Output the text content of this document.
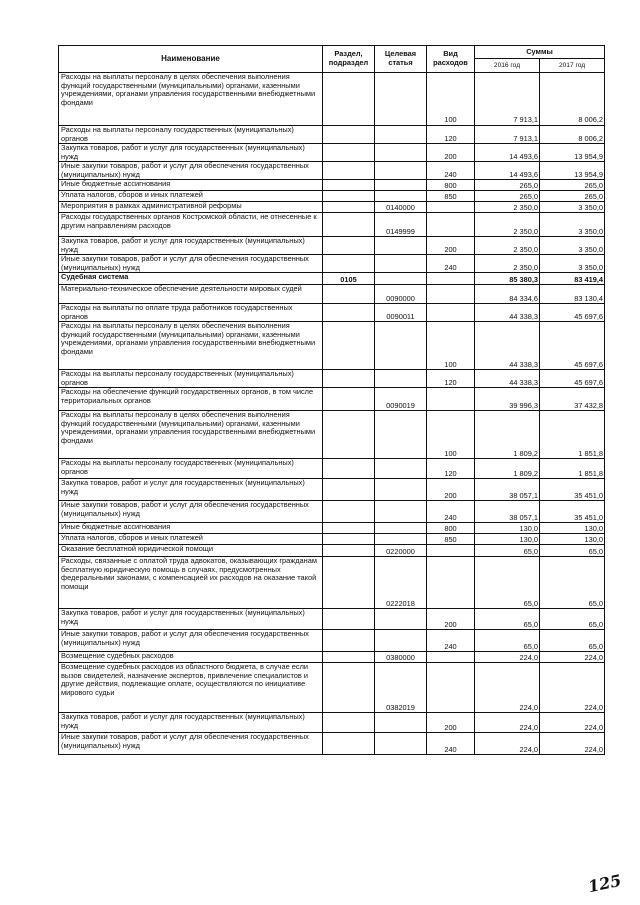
Наименование	Раздел, подраздел	Целевая статья	Вид расходов	Суммы	
				2016 год	2017 год
Расходы на выплаты персоналу в целях обеспечения выполнения функций государственными (муниципальными) органами, казенными учреждениями, органами управления государственными внебюджетными фондами			100	7 913,1	8 006,2
Расходы на выплаты персоналу государственных (муниципальных) органов			120	7 913,1	8 006,2
Закупка товаров, работ и услуг для государственных (муниципальных) нужд			200	14 493,6	13 954,9
Иные закупки товаров, работ и услуг для обеспечения государственных (муниципальных) нужд			240	14 493,6	13 954,9
Иные бюджетные ассигнования			800	265,0	265,0
Уплата налогов, сборов и иных платежей			850	265,0	265,0
Мероприятия в рамках административной реформы		0140000		2 350,0	3 350,0
Расходы государственных органов Костромской области, не отнесенные к другим направлениям расходов		0149999		2 350,0	3 350,0
Закупка товаров, работ и услуг для государственных (муниципальных) нужд			200	2 350,0	3 350,0
Иные закупки товаров, работ и услуг для обеспечения государственных (муниципальных) нужд			240	2 350,0	3 350,0
Судебная система	0105			85 380,3	83 419,4
Материально-техническое обеспечение деятельности мировых судей		0090000		84 334,6	83 130,4
Расходы на выплаты по оплате труда работников государственных органов		0090011		44 338,3	45 697,6
Расходы на выплаты персоналу в целях обеспечения выполнения функций государственными (муниципальными) органами, казенными учреждениями, органами управления государственными внебюджетными фондами			100	44 338,3	45 697,6
Расходы на выплаты персоналу государственных (муниципальных) органов			120	44 338,3	45 697,6
Расходы на обеспечение функций государственных органов, в том числе территориальных органов		0090019		39 996,3	37 432,8
Расходы на выплаты персоналу в целях обеспечения выполнения функций государственными (муниципальными) органами, казенными учреждениями, органами управления государственными внебюджетными фондами			100	1 809,2	1 851,8
Расходы на выплаты персоналу государственных (муниципальных) органов			120	1 809,2	1 851,8
Закупка товаров, работ и услуг для государственных (муниципальных) нужд			200	38 057,1	35 451,0
Иные закупки товаров, работ и услуг для обеспечения государственных (муниципальных) нужд			240	38 057,1	35 451,0
Иные бюджетные ассигнования			800	130,0	130,0
Уплата налогов, сборов и иных платежей			850	130,0	130,0
Оказание бесплатной юридической помощи		0220000		65,0	65,0
Расходы, связанные с оплатой труда адвокатов, оказывающих гражданам бесплатную юридическую помощь в случаях, предусмотренных федеральными законами, с компенсацией их расходов на оказание такой помощи		0222018		65,0	65,0
Закупка товаров, работ и услуг для государственных (муниципальных) нужд			200	65,0	65,0
Иные закупки товаров, работ и услуг для обеспечения государственных (муниципальных) нужд			240	65,0	65,0
Возмещение судебных расходов		0380000		224,0	224,0
Возмещение судебных расходов из областного бюджета, в случае если вызов свидетелей, назначение экспертов, привлечение специалистов и другие действия, подлежащие оплате, осуществляются по инициативе мирового судьи		0382019		224,0	224,0
Закупка товаров, работ и услуг для государственных (муниципальных) нужд			200	224,0	224,0
Иные закупки товаров, работ и услуг для обеспечения государственных (муниципальных) нужд			240	224,0	224,0
125
